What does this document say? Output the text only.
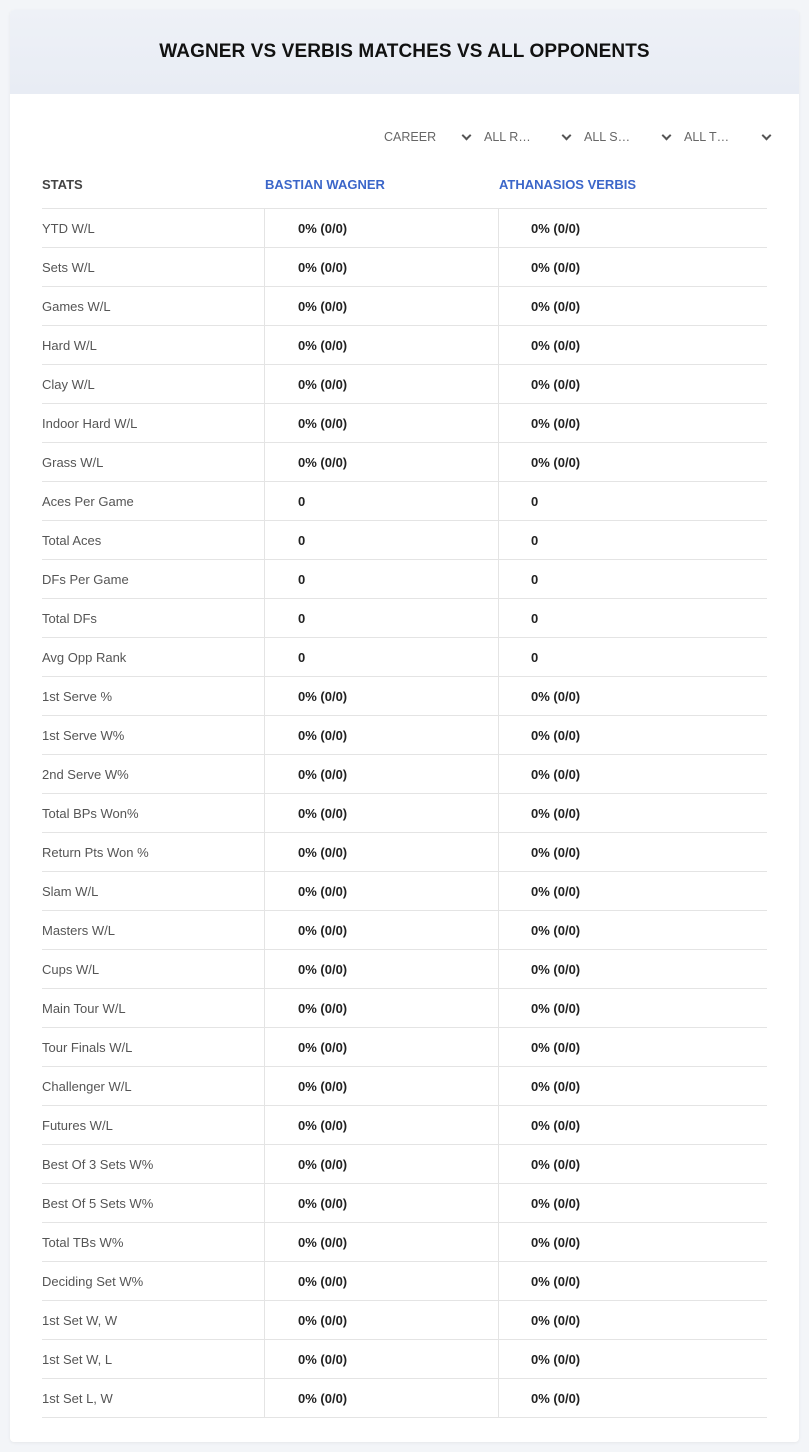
WAGNER VS VERBIS MATCHES VS ALL OPPONENTS
CAREER	ALL R…	ALL S…	ALL T…
STATS	BASTIAN WAGNER	ATHANASIOS VERBIS
YTD W/L	0% (0/0)	0% (0/0)
Sets W/L	0% (0/0)	0% (0/0)
Games W/L	0% (0/0)	0% (0/0)
Hard W/L	0% (0/0)	0% (0/0)
Clay W/L	0% (0/0)	0% (0/0)
Indoor Hard W/L	0% (0/0)	0% (0/0)
Grass W/L	0% (0/0)	0% (0/0)
Aces Per Game	0	0
Total Aces	0	0
DFs Per Game	0	0
Total DFs	0	0
Avg Opp Rank	0	0
1st Serve %	0% (0/0)	0% (0/0)
1st Serve W%	0% (0/0)	0% (0/0)
2nd Serve W%	0% (0/0)	0% (0/0)
Total BPs Won%	0% (0/0)	0% (0/0)
Return Pts Won %	0% (0/0)	0% (0/0)
Slam W/L	0% (0/0)	0% (0/0)
Masters W/L	0% (0/0)	0% (0/0)
Cups W/L	0% (0/0)	0% (0/0)
Main Tour W/L	0% (0/0)	0% (0/0)
Tour Finals W/L	0% (0/0)	0% (0/0)
Challenger W/L	0% (0/0)	0% (0/0)
Futures W/L	0% (0/0)	0% (0/0)
Best Of 3 Sets W%	0% (0/0)	0% (0/0)
Best Of 5 Sets W%	0% (0/0)	0% (0/0)
Total TBs W%	0% (0/0)	0% (0/0)
Deciding Set W%	0% (0/0)	0% (0/0)
1st Set W, W	0% (0/0)	0% (0/0)
1st Set W, L	0% (0/0)	0% (0/0)
1st Set L, W	0% (0/0)	0% (0/0)
